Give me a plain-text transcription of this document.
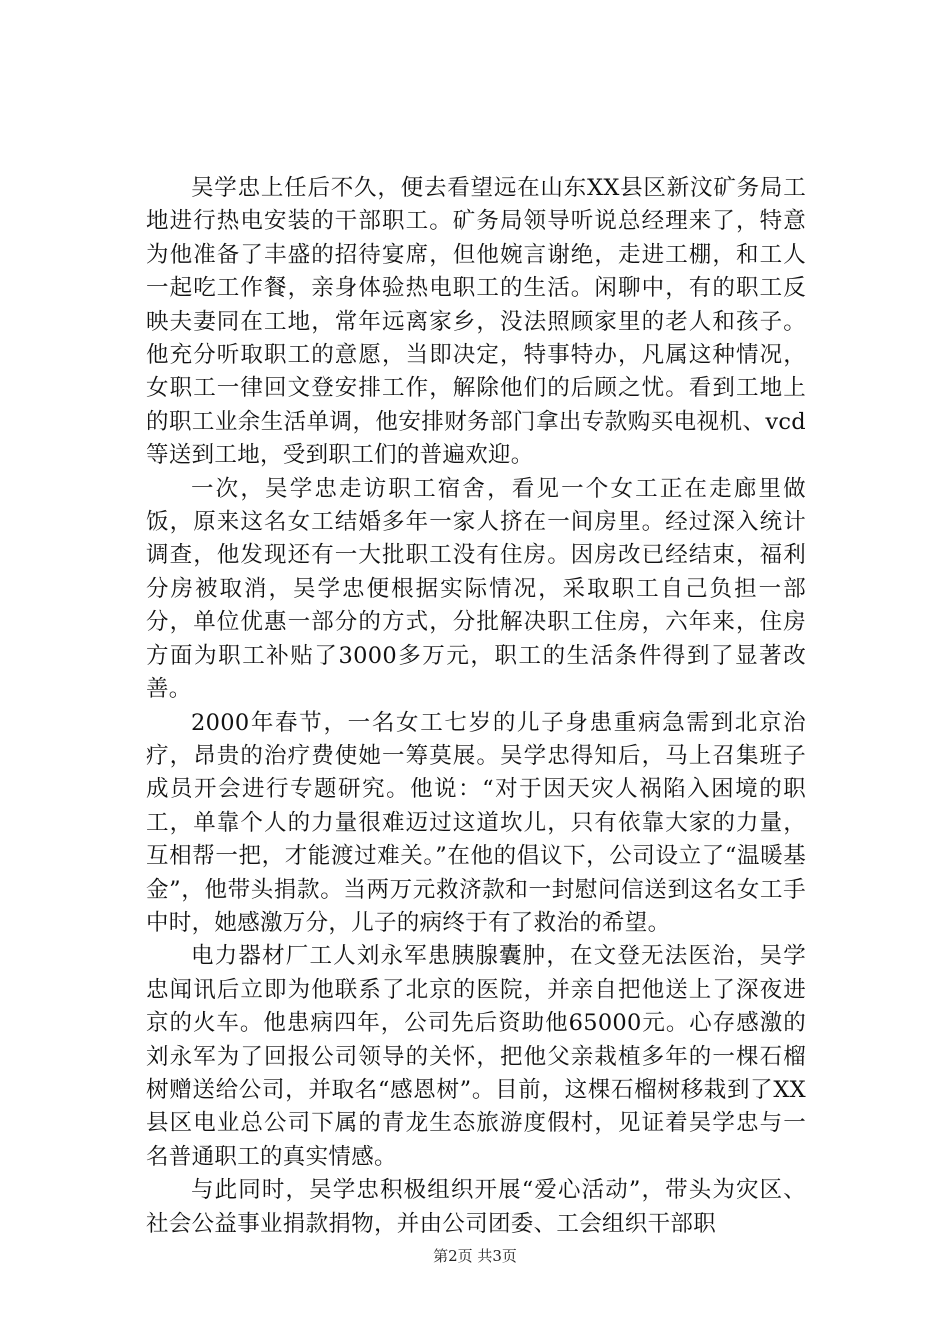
吴学忠上任后不久，便去看望远在山东XX县区新汶矿务局工地进行热电安装的干部职工。矿务局领导听说总经理来了，特意为他准备了丰盛的招待宴席，但他婉言谢绝，走进工棚，和工人一起吃工作餐，亲身体验热电职工的生活。闲聊中，有的职工反映夫妻同在工地，常年远离家乡，没法照顾家里的老人和孩子。他充分听取职工的意愿，当即决定，特事特办，凡属这种情况，女职工一律回文登安排工作，解除他们的后顾之忧。看到工地上的职工业余生活单调，他安排财务部门拿出专款购买电视机、vcd等送到工地，受到职工们的普遍欢迎。

一次，吴学忠走访职工宿舍，看见一个女工正在走廊里做饭，原来这名女工结婚多年一家人挤在一间房里。经过深入统计调查，他发现还有一大批职工没有住房。因房改已经结束，福利分房被取消，吴学忠便根据实际情况，采取职工自己负担一部分，单位优惠一部分的方式，分批解决职工住房，六年来，住房方面为职工补贴了3000多万元，职工的生活条件得到了显著改善。

2000年春节，一名女工七岁的儿子身患重病急需到北京治疗，昂贵的治疗费使她一筹莫展。吴学忠得知后，马上召集班子成员开会进行专题研究。他说：“对于因天灾人祸陷入困境的职工，单靠个人的力量很难迈过这道坎儿，只有依靠大家的力量，互相帮一把，才能渡过难关。”在他的倡议下，公司设立了“温暖基金”，他带头捐款。当两万元救济款和一封慰问信送到这名女工手中时，她感激万分，儿子的病终于有了救治的希望。

电力器材厂工人刘永军患胰腺囊肿，在文登无法医治，吴学忠闻讯后立即为他联系了北京的医院，并亲自把他送上了深夜进京的火车。他患病四年，公司先后资助他65000元。心存感激的刘永军为了回报公司领导的关怀，把他父亲栽植多年的一棵石榴树赠送给公司，并取名“感恩树”。目前，这棵石榴树移栽到了XX县区电业总公司下属的青龙生态旅游度假村，见证着吴学忠与一名普通职工的真实情感。

与此同时，吴学忠积极组织开展“爱心活动”，带头为灾区、社会公益事业捐款捐物，并由公司团委、工会组织干部职

第2页 共3页
